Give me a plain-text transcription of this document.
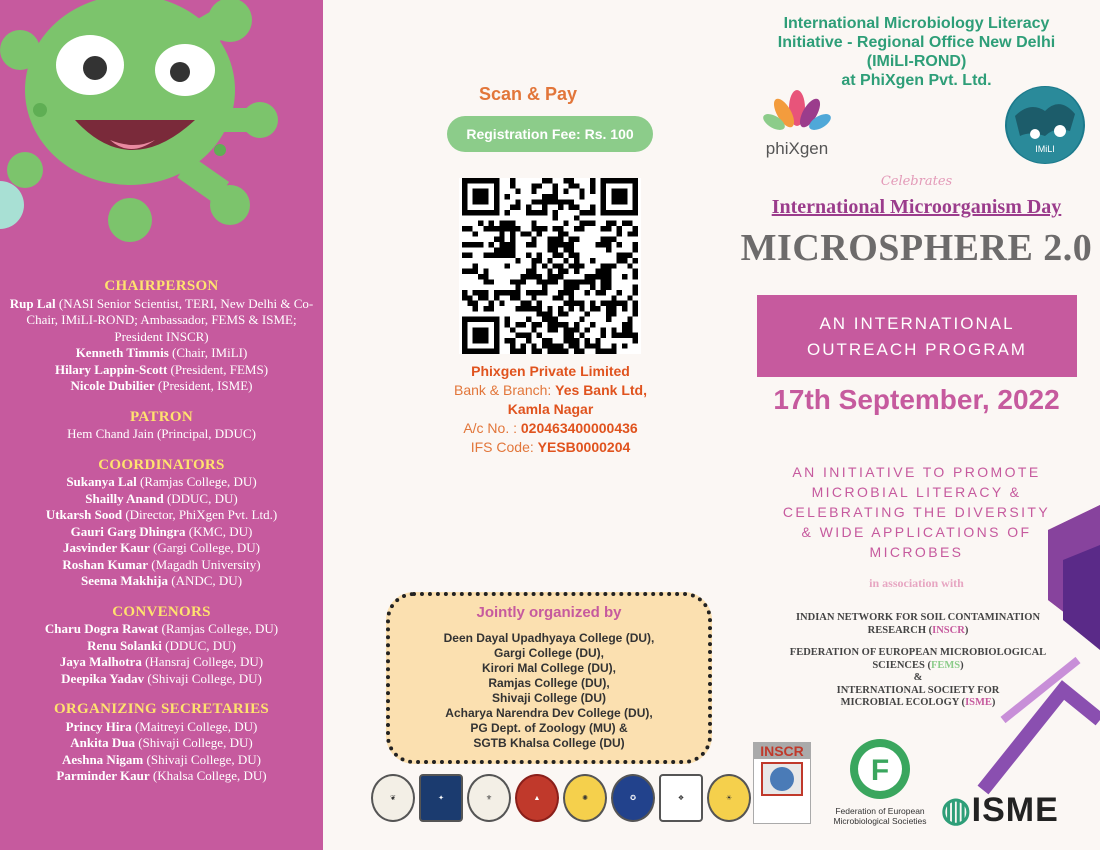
CHAIRPERSON
Rup Lal (NASI Senior Scientist, TERI, New Delhi & Co-Chair, IMiLI-ROND; Ambassador, FEMS & ISME; President INSCR)
Kenneth Timmis (Chair, IMiLI)
Hilary Lappin-Scott (President, FEMS)
Nicole Dubilier (President, ISME)
PATRON
Hem Chand Jain (Principal, DDUC)
COORDINATORS
Sukanya Lal (Ramjas College, DU)
Shailly Anand (DDUC, DU)
Utkarsh Sood (Director, PhiXgen Pvt. Ltd.)
Gauri Garg Dhingra (KMC, DU)
Jasvinder Kaur (Gargi College, DU)
Roshan Kumar (Magadh University)
Seema Makhija (ANDC, DU)
CONVENORS
Charu Dogra Rawat (Ramjas College, DU)
Renu Solanki (DDUC, DU)
Jaya Malhotra (Hansraj College, DU)
Deepika Yadav (Shivaji College, DU)
ORGANIZING SECRETARIES
Princy Hira (Maitreyi College, DU)
Ankita Dua (Shivaji College, DU)
Aeshna Nigam (Shivaji College, DU)
Parminder Kaur (Khalsa College, DU)
Scan & Pay
Registration Fee: Rs. 100
Phixgen Private Limited
Bank & Branch: Yes Bank Ltd,
Kamla Nagar
A/c No. : 020463400000436
IFS Code: YESB0000204
Jointly organized by
Deen Dayal Upadhyaya College (DU),
Gargi College (DU),
Kirori Mal College (DU),
Ramjas College (DU),
Shivaji College (DU)
Acharya Narendra Dev College (DU),
PG Dept. of Zoology (MU) &
SGTB Khalsa College (DU)
❦	✦	⚜	▲	✺	✪	❖	☀
International Microbiology Literacy
Initiative - Regional Office New Delhi
(IMiLI-ROND)
at PhiXgen Pvt. Ltd.
phiXgen	IMiLI
Celebrates
International Microorganism Day
MICROSPHERE 2.0
AN INTERNATIONAL
OUTREACH PROGRAM
17th September, 2022
AN INITIATIVE TO PROMOTE
MICROBIAL LITERACY &
CELEBRATING THE DIVERSITY
& WIDE APPLICATIONS OF
MICROBES
in association with
INDIAN NETWORK FOR SOIL CONTAMINATION
RESEARCH (INSCR)
FEDERATION OF EUROPEAN MICROBIOLOGICAL
SCIENCES (FEMS)
&
INTERNATIONAL SOCIETY FOR
MICROBIAL ECOLOGY (ISME)
INSCR
F
Federation of European Microbiological Societies ◍ISME
